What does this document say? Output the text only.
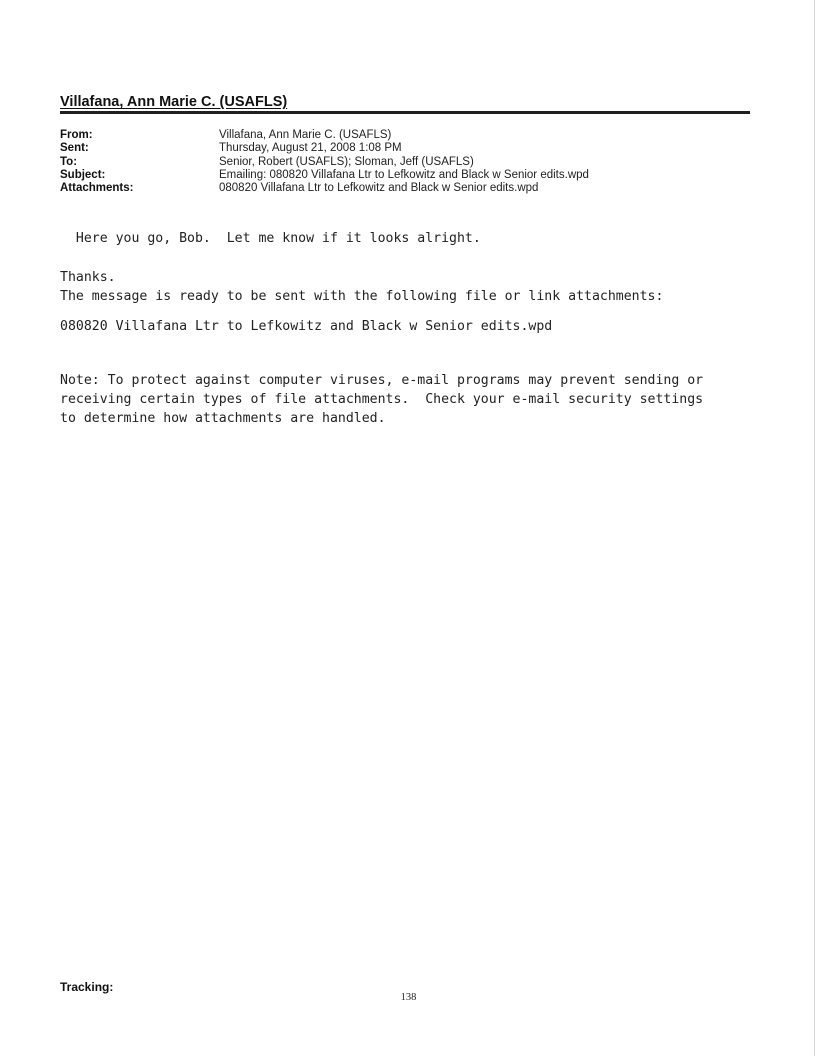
Villafana, Ann Marie C. (USAFLS)
From:	Villafana, Ann Marie C. (USAFLS)
Sent:	Thursday, August 21, 2008 1:08 PM
To:	Senior, Robert (USAFLS); Sloman, Jeff (USAFLS)
Subject:	Emailing: 080820 Villafana Ltr to Lefkowitz and Black w Senior edits.wpd
Attachments:	080820 Villafana Ltr to Lefkowitz and Black w Senior edits.wpd
Here you go, Bob.  Let me know if it looks alright.
Thanks.
The message is ready to be sent with the following file or link attachments:
080820 Villafana Ltr to Lefkowitz and Black w Senior edits.wpd
Note: To protect against computer viruses, e-mail programs may prevent sending or
receiving certain types of file attachments.  Check your e-mail security settings
to determine how attachments are handled.
Tracking:
138
